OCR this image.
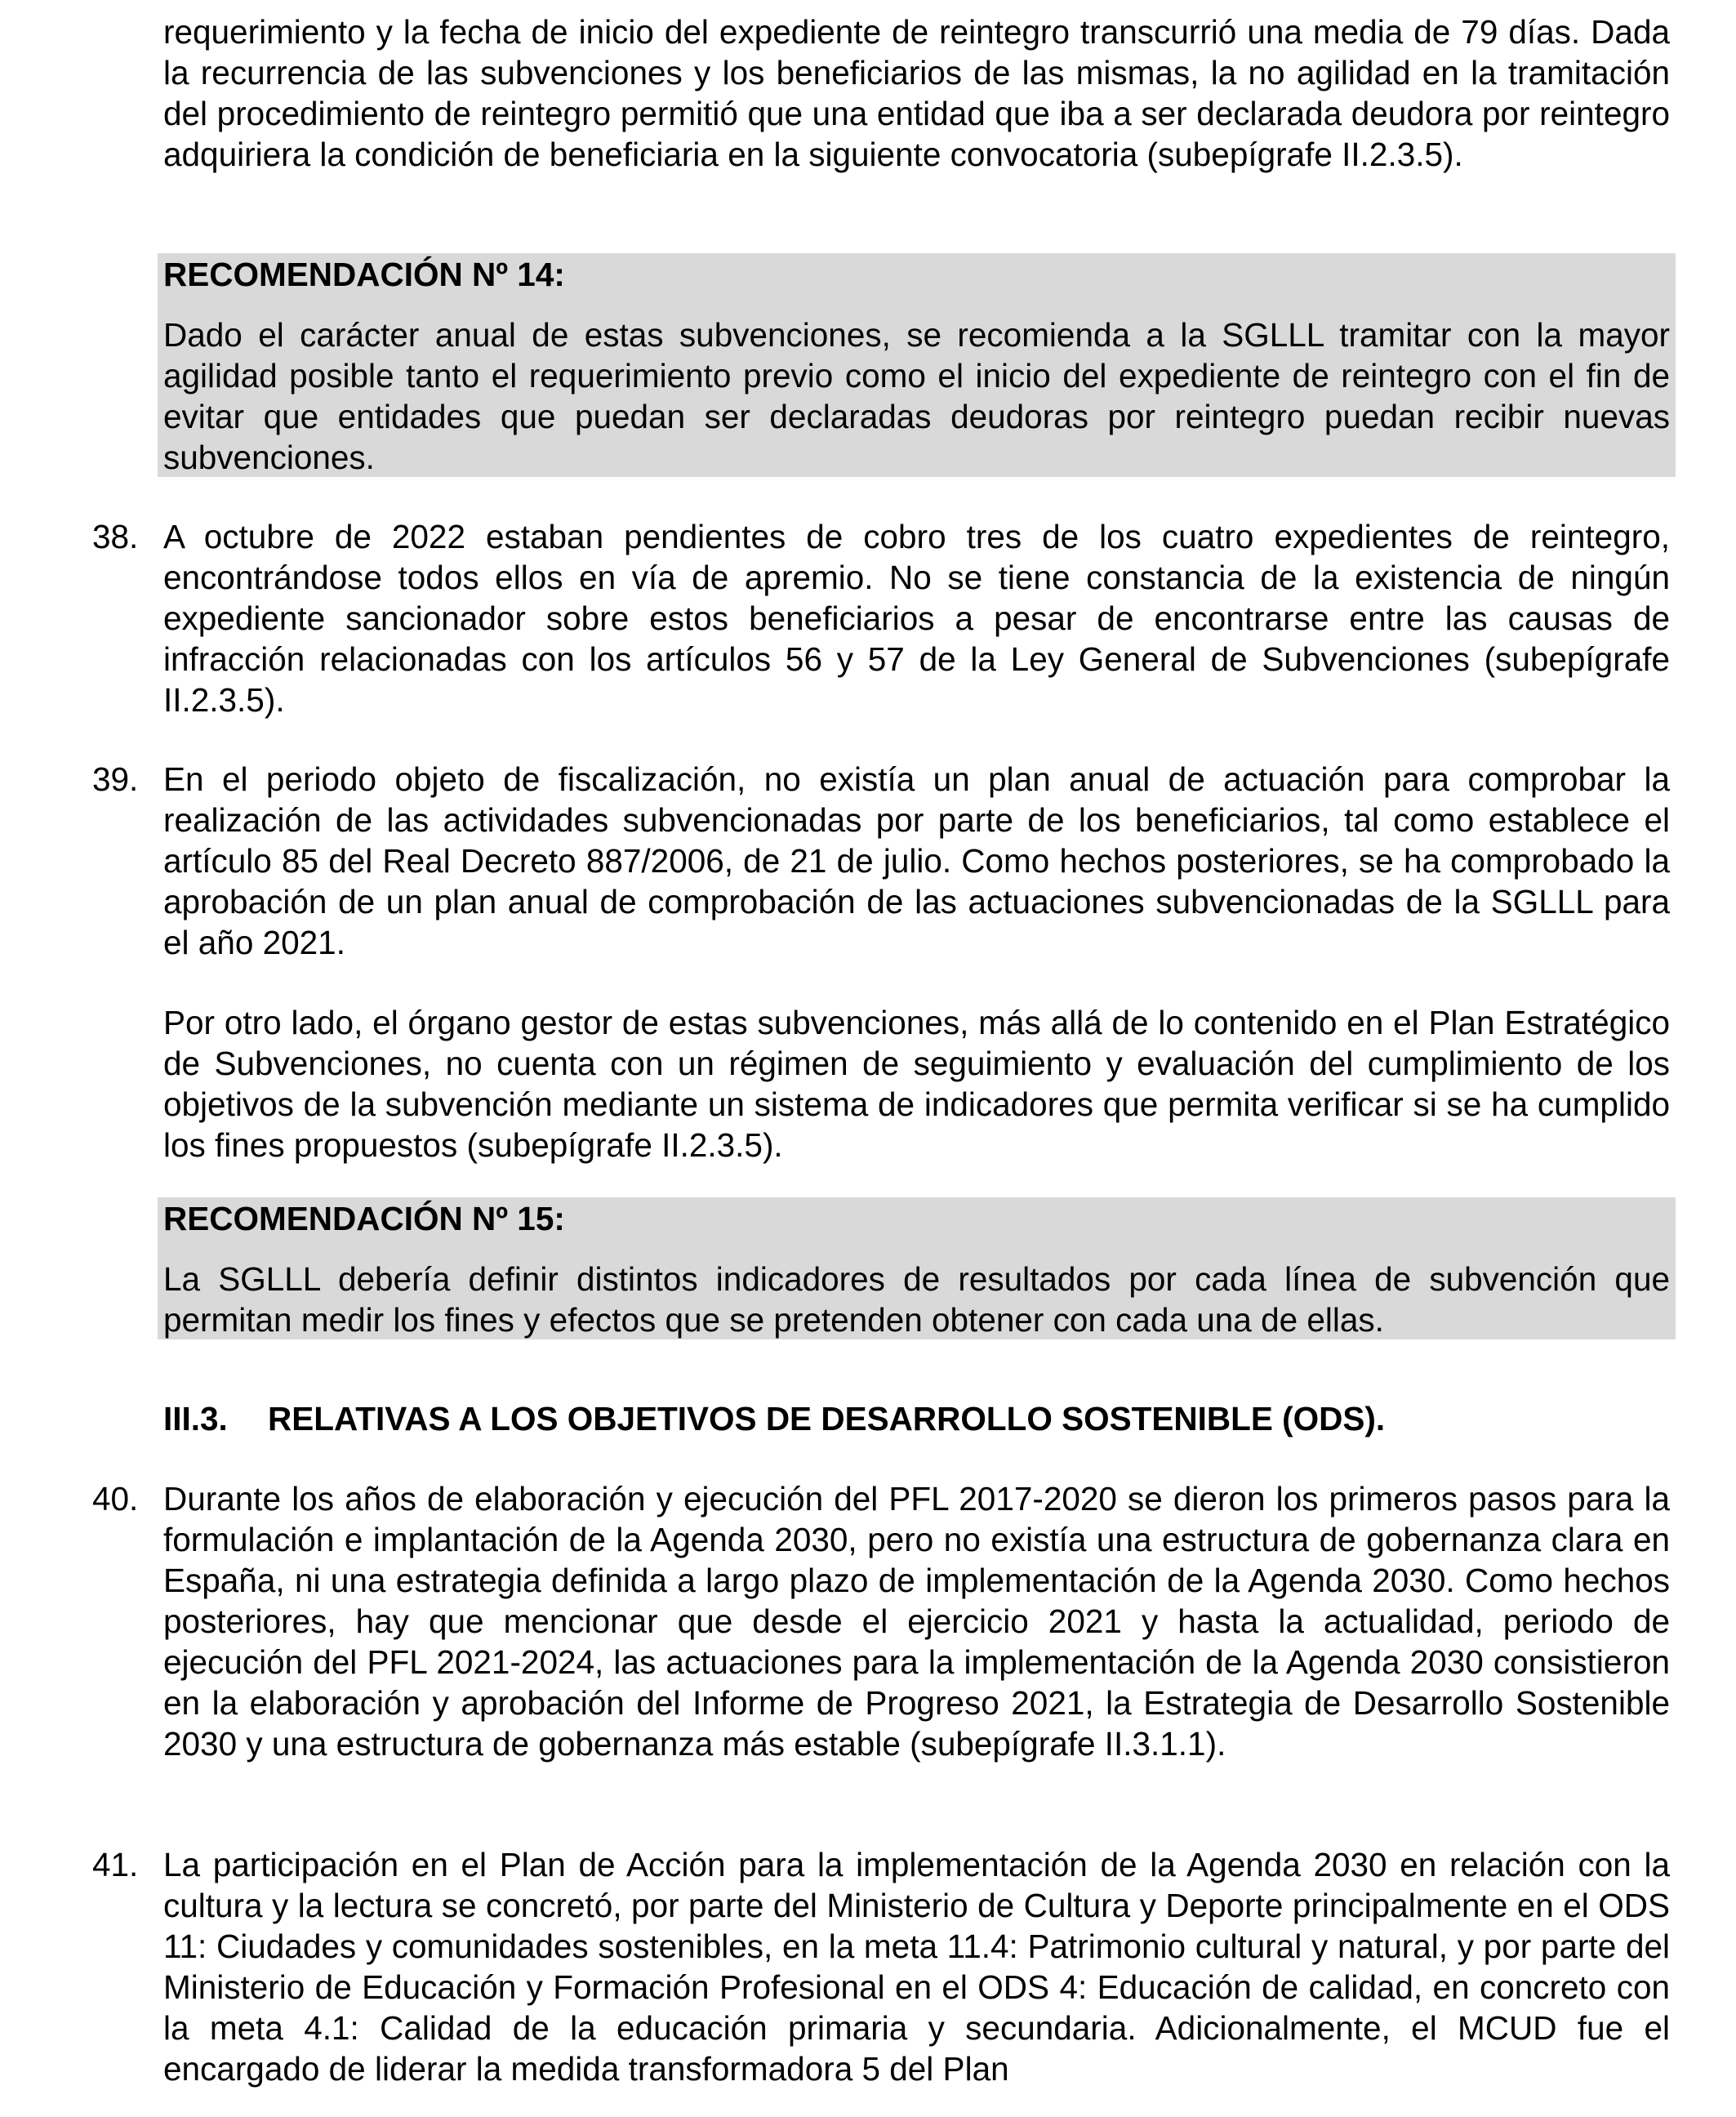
requerimiento y la fecha de inicio del expediente de reintegro transcurrió una media de 79 días. Dada la recurrencia de las subvenciones y los beneficiarios de las mismas, la no agilidad en la tramitación del procedimiento de reintegro permitió que una entidad que iba a ser declarada deudora por reintegro adquiriera la condición de beneficiaria en la siguiente convocatoria (subepígrafe II.2.3.5).

RECOMENDACIÓN Nº 14:

Dado el carácter anual de estas subvenciones, se recomienda a la SGLLL tramitar con la mayor agilidad posible tanto el requerimiento previo como el inicio del expediente de reintegro con el fin de evitar que entidades que puedan ser declaradas deudoras por reintegro puedan recibir nuevas subvenciones.

38. A octubre de 2022 estaban pendientes de cobro tres de los cuatro expedientes de reintegro, encontrándose todos ellos en vía de apremio. No se tiene constancia de la existencia de ningún expediente sancionador sobre estos beneficiarios a pesar de encontrarse entre las causas de infracción relacionadas con los artículos 56 y 57 de la Ley General de Subvenciones (subepígrafe II.2.3.5).

39. En el periodo objeto de fiscalización, no existía un plan anual de actuación para comprobar la realización de las actividades subvencionadas por parte de los beneficiarios, tal como establece el artículo 85 del Real Decreto 887/2006, de 21 de julio. Como hechos posteriores, se ha comprobado la aprobación de un plan anual de comprobación de las actuaciones subvencionadas de la SGLLL para el año 2021.

Por otro lado, el órgano gestor de estas subvenciones, más allá de lo contenido en el Plan Estratégico de Subvenciones, no cuenta con un régimen de seguimiento y evaluación del cumplimiento de los objetivos de la subvención mediante un sistema de indicadores que permita verificar si se ha cumplido los fines propuestos (subepígrafe II.2.3.5).

RECOMENDACIÓN Nº 15:

La SGLLL debería definir distintos indicadores de resultados por cada línea de subvención que permitan medir los fines y efectos que se pretenden obtener con cada una de ellas.

III.3. RELATIVAS A LOS OBJETIVOS DE DESARROLLO SOSTENIBLE (ODS).
40. Durante los años de elaboración y ejecución del PFL 2017-2020 se dieron los primeros pasos para la formulación e implantación de la Agenda 2030, pero no existía una estructura de gobernanza clara en España, ni una estrategia definida a largo plazo de implementación de la Agenda 2030. Como hechos posteriores, hay que mencionar que desde el ejercicio 2021 y hasta la actualidad, periodo de ejecución del PFL 2021-2024, las actuaciones para la implementación de la Agenda 2030 consistieron en la elaboración y aprobación del Informe de Progreso 2021, la Estrategia de Desarrollo Sostenible 2030 y una estructura de gobernanza más estable (subepígrafe II.3.1.1).

41. La participación en el Plan de Acción para la implementación de la Agenda 2030 en relación con la cultura y la lectura se concretó, por parte del Ministerio de Cultura y Deporte principalmente en el ODS 11: Ciudades y comunidades sostenibles, en la meta 11.4: Patrimonio cultural y natural, y por parte del Ministerio de Educación y Formación Profesional en el ODS 4: Educación de calidad, en concreto con la meta 4.1: Calidad de la educación primaria y secundaria. Adicionalmente, el MCUD fue el encargado de liderar la medida transformadora 5 del Plan
